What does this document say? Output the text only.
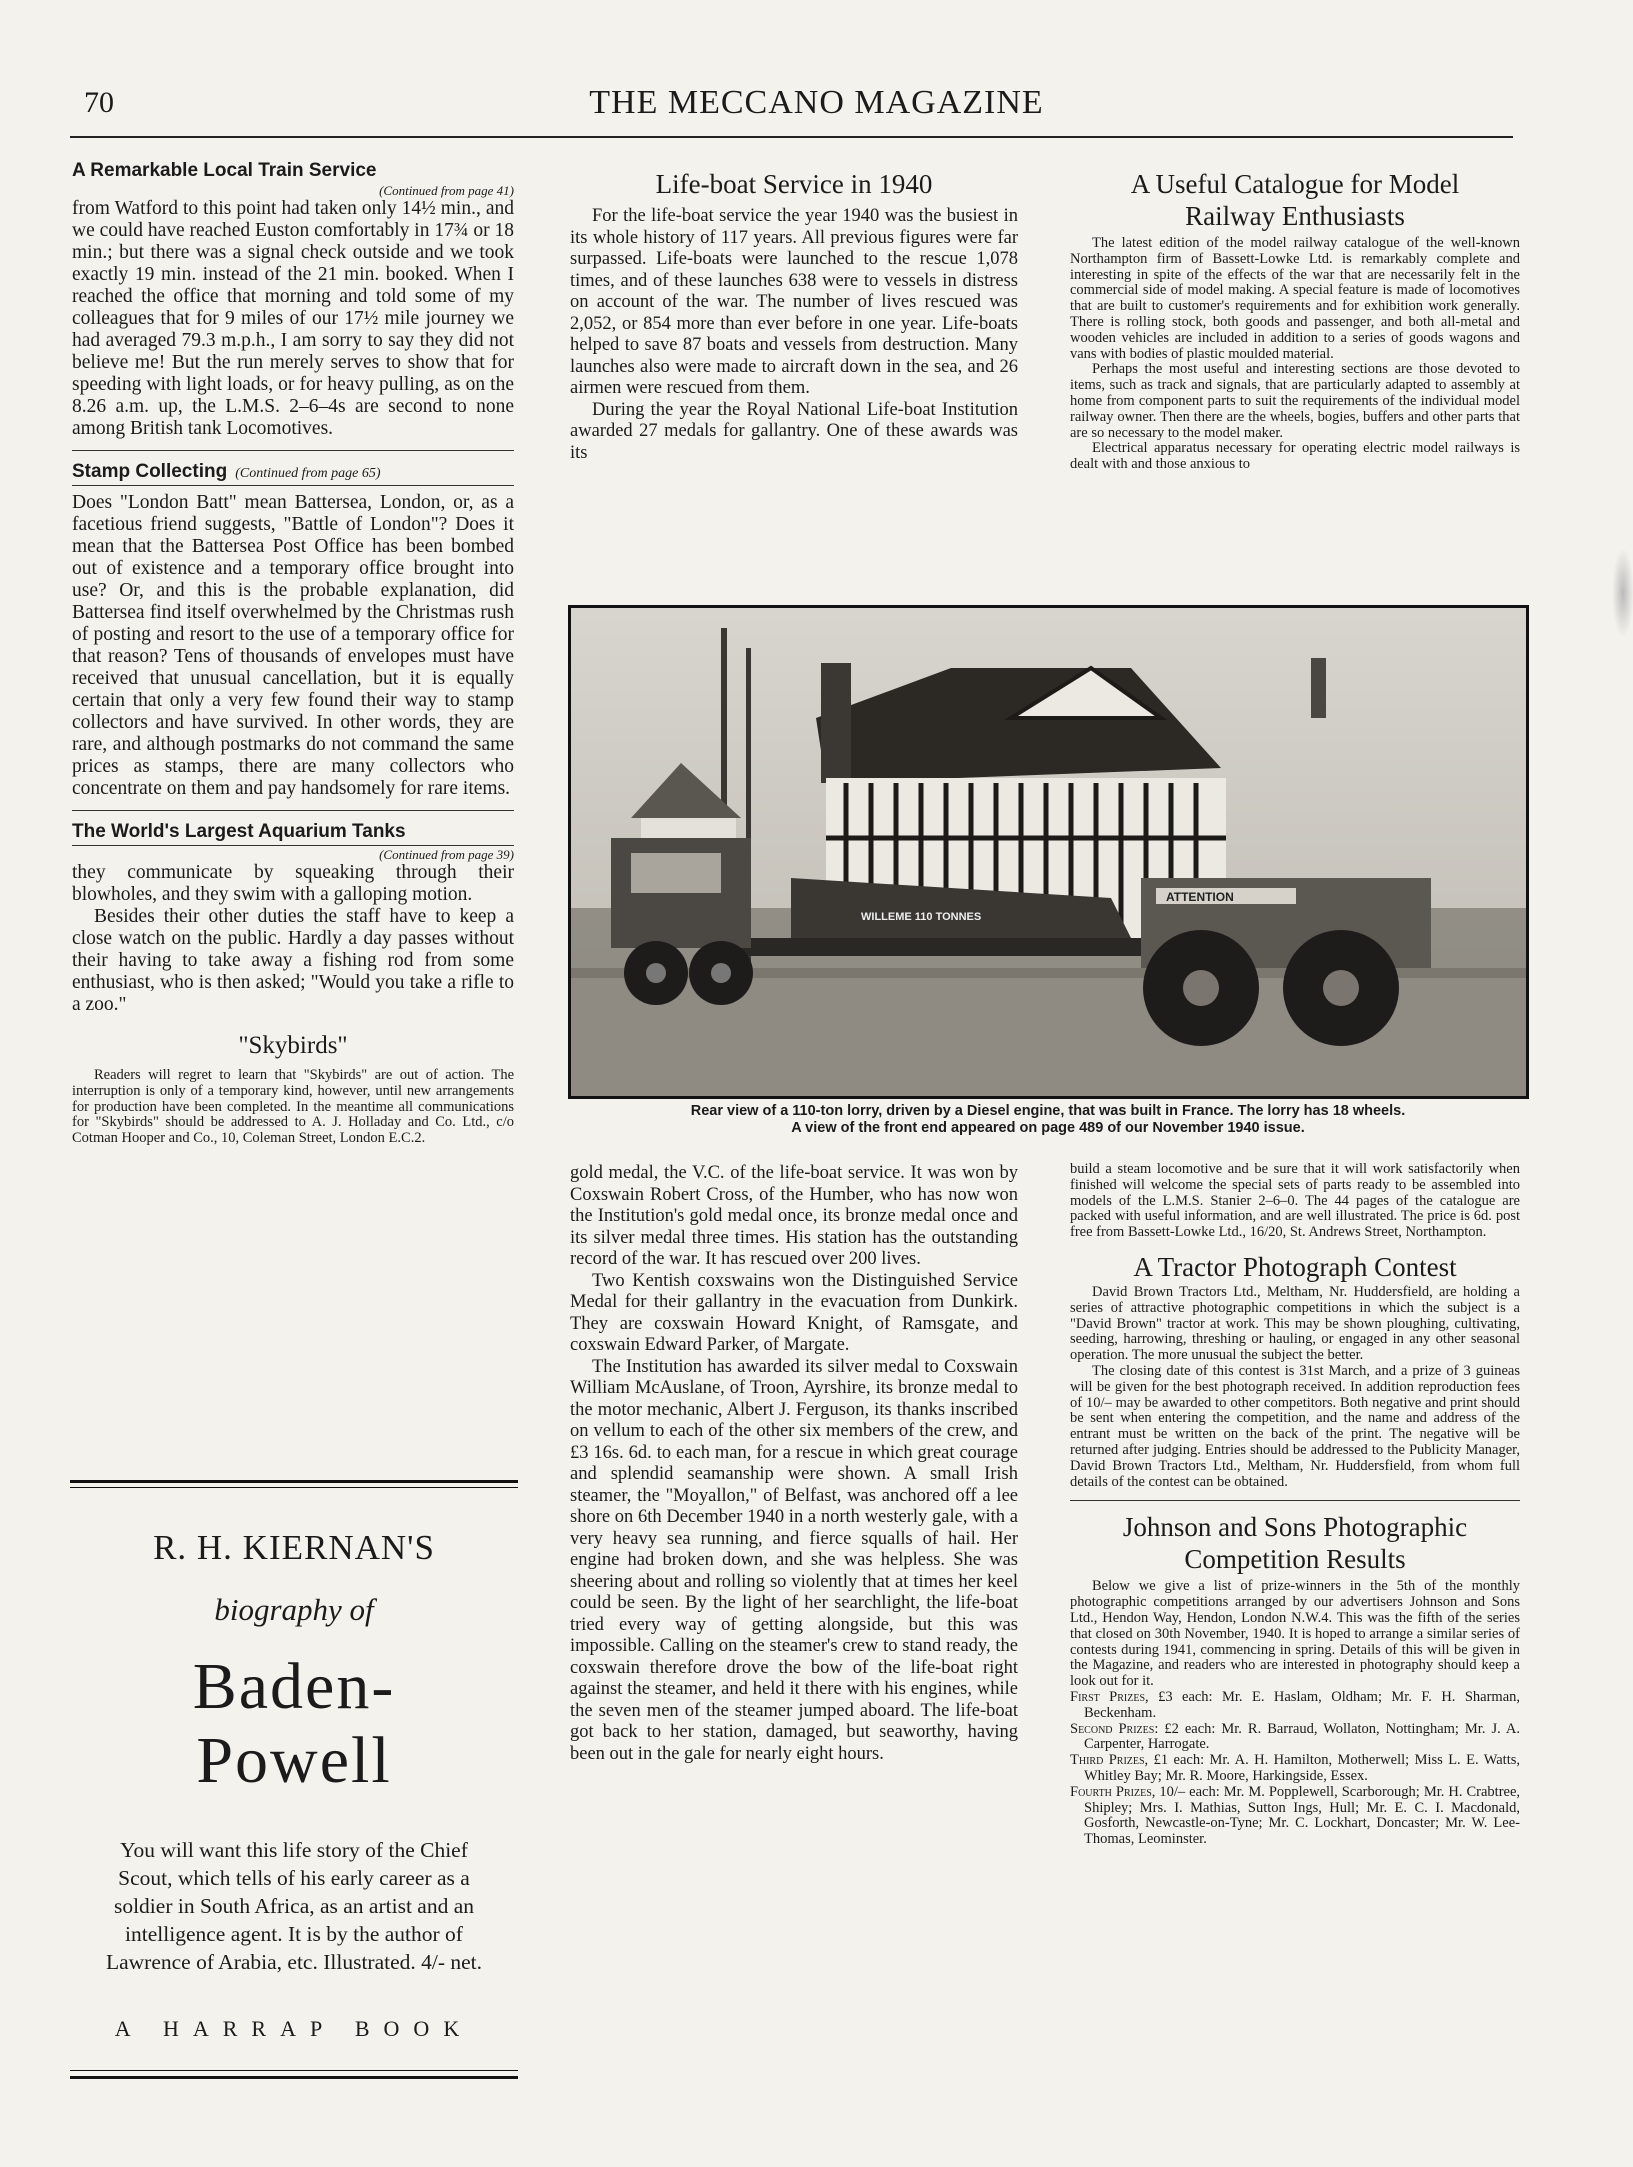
70	THE MECCANO MAGAZINE
A Remarkable Local Train Service
(Continued from page 41)

from Watford to this point had taken only 14½ min., and we could have reached Euston comfortably in 17¾ or 18 min.; but there was a signal check outside and we took exactly 19 min. instead of the 21 min. booked. When I reached the office that morning and told some of my colleagues that for 9 miles of our 17½ mile journey we had averaged 79.3 m.p.h., I am sorry to say they did not believe me! But the run merely serves to show that for speeding with light loads, or for heavy pulling, as on the 8.26 a.m. up, the L.M.S. 2–6–4s are second to none among British tank Locomotives.

Stamp Collecting (Continued from page 65)

Does "London Batt" mean Battersea, London, or, as a facetious friend suggests, "Battle of London"? Does it mean that the Battersea Post Office has been bombed out of existence and a temporary office brought into use? Or, and this is the probable explanation, did Battersea find itself overwhelmed by the Christmas rush of posting and resort to the use of a temporary office for that reason? Tens of thousands of envelopes must have received that unusual cancellation, but it is equally certain that only a very few found their way to stamp collectors and have survived. In other words, they are rare, and although postmarks do not command the same prices as stamps, there are many collectors who concentrate on them and pay handsomely for rare items.

The World's Largest Aquarium Tanks
(Continued from page 39)

they communicate by squeaking through their blowholes, and they swim with a galloping motion.

Besides their other duties the staff have to keep a close watch on the public. Hardly a day passes without their having to take away a fishing rod from some enthusiast, who is then asked; "Would you take a rifle to a zoo."

"Skybirds"

Readers will regret to learn that "Skybirds" are out of action. The interruption is only of a temporary kind, however, until new arrangements for production have been completed. In the meantime all communications for "Skybirds" should be addressed to A. J. Holladay and Co. Ltd., c/o Cotman Hooper and Co., 10, Coleman Street, London E.C.2.

R. H. KIERNAN'S
biography of
Baden-
Powell
You will want this life story of the Chief Scout, which tells of his early career as a soldier in South Africa, as an artist and an intelligence agent. It is by the author of Lawrence of Arabia, etc. Illustrated. 4/- net.
A HARRAP BOOK
Life-boat Service in 1940

For the life-boat service the year 1940 was the busiest in its whole history of 117 years. All previous figures were far surpassed. Life-boats were launched to the rescue 1,078 times, and of these launches 638 were to vessels in distress on account of the war. The number of lives rescued was 2,052, or 854 more than ever before in one year. Life-boats helped to save 87 boats and vessels from destruction. Many launches also were made to aircraft down in the sea, and 26 airmen were rescued from them.

During the year the Royal National Life-boat Institution awarded 27 medals for gallantry. One of these awards was its

A Useful Catalogue for Model
Railway Enthusiasts

The latest edition of the model railway catalogue of the well-known Northampton firm of Bassett-Lowke Ltd. is remarkably complete and interesting in spite of the effects of the war that are necessarily felt in the commercial side of model making. A special feature is made of locomotives that are built to customer's requirements and for exhibition work generally. There is rolling stock, both goods and passenger, and both all-metal and wooden vehicles are included in addition to a series of goods wagons and vans with bodies of plastic moulded material.

Perhaps the most useful and interesting sections are those devoted to items, such as track and signals, that are particularly adapted to assembly at home from component parts to suit the requirements of the individual model railway owner. Then there are the wheels, bogies, buffers and other parts that are so necessary to the model maker.

Electrical apparatus necessary for operating electric model railways is dealt with and those anxious to

ATTENTION
WILLEME 110 TONNES
Rear view of a 110-ton lorry, driven by a Diesel engine, that was built in France. The lorry has 18 wheels.
A view of the front end appeared on page 489 of our November 1940 issue.

gold medal, the V.C. of the life-boat service. It was won by Coxswain Robert Cross, of the Humber, who has now won the Institution's gold medal once, its bronze medal once and its silver medal three times. His station has the outstanding record of the war. It has rescued over 200 lives.

Two Kentish coxswains won the Distinguished Service Medal for their gallantry in the evacuation from Dunkirk. They are coxswain Howard Knight, of Ramsgate, and coxswain Edward Parker, of Margate.

The Institution has awarded its silver medal to Coxswain William McAuslane, of Troon, Ayrshire, its bronze medal to the motor mechanic, Albert J. Ferguson, its thanks inscribed on vellum to each of the other six members of the crew, and £3 16s. 6d. to each man, for a rescue in which great courage and splendid seamanship were shown. A small Irish steamer, the "Moyallon," of Belfast, was anchored off a lee shore on 6th December 1940 in a north westerly gale, with a very heavy sea running, and fierce squalls of hail. Her engine had broken down, and she was helpless. She was sheering about and rolling so violently that at times her keel could be seen. By the light of her searchlight, the life-boat tried every way of getting alongside, but this was impossible. Calling on the steamer's crew to stand ready, the coxswain therefore drove the bow of the life-boat right against the steamer, and held it there with his engines, while the seven men of the steamer jumped aboard. The life-boat got back to her station, damaged, but seaworthy, having been out in the gale for nearly eight hours.

build a steam locomotive and be sure that it will work satisfactorily when finished will welcome the special sets of parts ready to be assembled into models of the L.M.S. Stanier 2–6–0. The 44 pages of the catalogue are packed with useful information, and are well illustrated. The price is 6d. post free from Bassett-Lowke Ltd., 16/20, St. Andrews Street, Northampton.

A Tractor Photograph Contest

David Brown Tractors Ltd., Meltham, Nr. Huddersfield, are holding a series of attractive photographic competitions in which the subject is a "David Brown" tractor at work. This may be shown ploughing, cultivating, seeding, harrowing, threshing or hauling, or engaged in any other seasonal operation. The more unusual the subject the better.

The closing date of this contest is 31st March, and a prize of 3 guineas will be given for the best photograph received. In addition reproduction fees of 10/– may be awarded to other competitors. Both negative and print should be sent when entering the competition, and the name and address of the entrant must be written on the back of the print. The negative will be returned after judging. Entries should be addressed to the Publicity Manager, David Brown Tractors Ltd., Meltham, Nr. Huddersfield, from whom full details of the contest can be obtained.

Johnson and Sons Photographic
Competition Results

Below we give a list of prize-winners in the 5th of the monthly photographic competitions arranged by our advertisers Johnson and Sons Ltd., Hendon Way, Hendon, London N.W.4. This was the fifth of the series that closed on 30th November, 1940. It is hoped to arrange a similar series of contests during 1941, commencing in spring. Details of this will be given in the Magazine, and readers who are interested in photography should keep a look out for it.

First Prizes, £3 each: Mr. E. Haslam, Oldham; Mr. F. H. Sharman, Beckenham.

Second Prizes: £2 each: Mr. R. Barraud, Wollaton, Nottingham; Mr. J. A. Carpenter, Harrogate.

Third Prizes, £1 each: Mr. A. H. Hamilton, Motherwell; Miss L. E. Watts, Whitley Bay; Mr. R. Moore, Harkingside, Essex.

Fourth Prizes, 10/– each: Mr. M. Popplewell, Scarborough; Mr. H. Crabtree, Shipley; Mrs. I. Mathias, Sutton Ings, Hull; Mr. E. C. I. Macdonald, Gosforth, Newcastle-on-Tyne; Mr. C. Lockhart, Doncaster; Mr. W. Lee-Thomas, Leominster.
